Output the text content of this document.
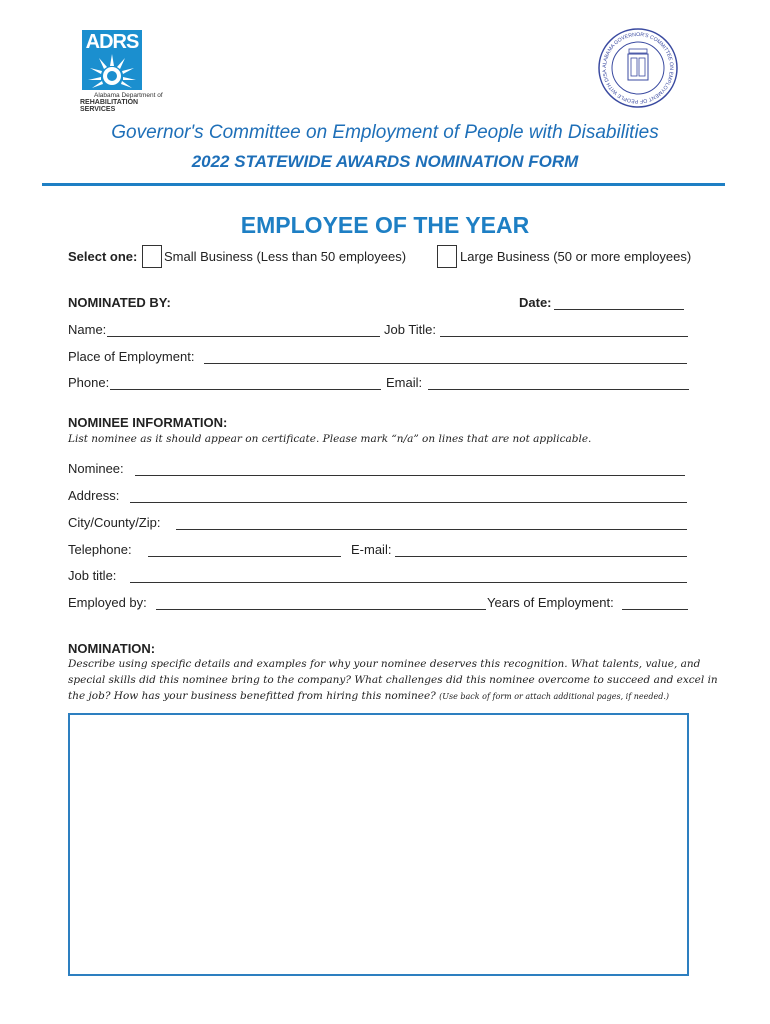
ADRS
Alabama Department of
REHABILITATION SERVICES
ALABAMA GOVERNOR'S COMMITTEE ON EMPLOYMENT OF PEOPLE WITH DISA
Governor's Committee on Employment of People with Disabilities
2022 STATEWIDE AWARDS NOMINATION FORM
EMPLOYEE OF THE YEAR
Select one: Small Business (Less than 50 employees)	Large Business (50 or more employees)
NOMINATED BY:	Date:
Name:	Job Title:
Place of Employment:
Phone:	Email:
NOMINEE INFORMATION:
List nominee as it should appear on certificate. Please mark “n/a” on lines that are not applicable.
Nominee:
Address:
City/County/Zip:
Telephone:	E-mail:
Job title:
Employed by:	Years of Employment:
NOMINATION:
Describe using specific details and examples for why your nominee deserves this recognition. What talents, value, and
special skills did this nominee bring to the company? What challenges did this nominee overcome to succeed and excel in
the job? How has your business benefitted from hiring this nominee? (Use back of form or attach additional pages, if needed.)
